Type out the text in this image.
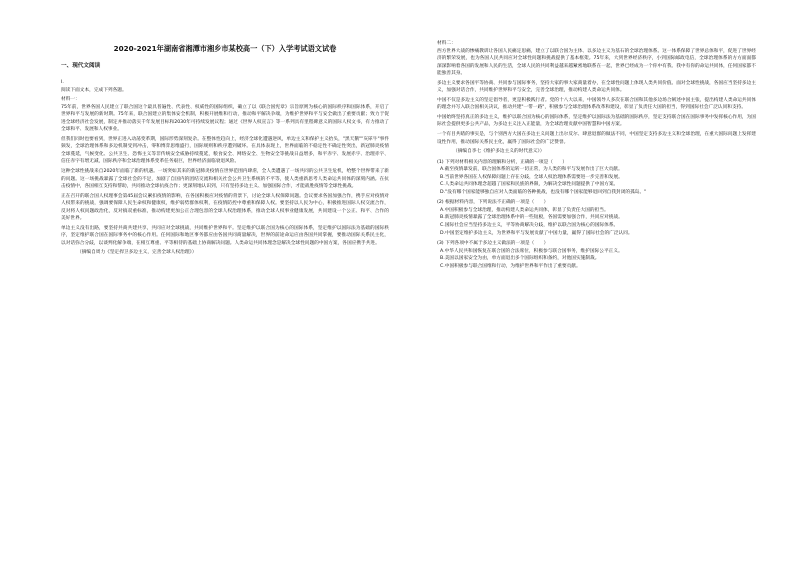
2020-2021年湖南省湘潭市湘乡市某校高一（下）入学考试语文试卷
一、现代文阅读

I.

阅读下面文本，完成下列各题。

材料一：

75年前，世界各国人民建立了联合国这个最具普遍性、代表性、权威性的国际组织，确立了以《联合国宪章》宗旨原则为核心的国际秩序和国际体系，开启了世界和平与发展的新时期。75年来，联合国建立的集体安全机制，积极开展维和行动，推动和平解决争端，为维护世界和平与安全做出了重要贡献；致力于促进全球经济社会发展，制定并推动落实千年发展目标和2030年可持续发展议程；通过《世界人权宣言》等一系列具有里程碑意义的国际人权文书，有力推动了全球和平、发展和人权事业。

但我们同时也要看到，世界正进入动荡变革期，国际形势深刻复杂。在整体性趋向上，经济全球化遭遇逆风，单边主义和保护主义抬头，"黑天鹅""灰犀牛"事件频发，全球治理体系和多边机制受到冲击，零和博弈思维盛行，国际规则和秩序遭到破坏。在具体表现上，世界面临的不稳定性不确定性突出，新冠肺炎疫情全球蔓延，气候变化、公共卫生、恐怖主义等非传统安全威胁持续蔓延，粮食安全、网络安全、生物安全等挑战日益增多，和平赤字、发展赤字、治理赤字、信任赤字有增无减，国际秩序和全球治理体系变革任务艰巨，世界经济面临衰退风险。

这种全球性挑战来自2020年面临了新的机遇。一场突如其来的新冠肺炎疫情在世界范围内肆虐，全人类遭遇了一场共同的公共卫生危机，给整个世界带来了新的问题。这一场挑战暴露了全球社会的不足，加剧了自国内的团结交流和相关社会公共卫生系统的不平等，使人类重新思考人类命运共同体的深刻内涵。在抗击疫情中，各国相互支持和帮助，共同推动全球抗疫合作；更深刻地认识到，只有坚持多边主义、加强国际合作，才能战胜疫情等全球性挑战。

正在召开的联合国人权理事会第45届会议紧扣疫情的影响，在各国积极应对疫情的背景下，讨论全球人权保障问题。会议要求各国加强合作，携手应对疫情对人权带来的挑战，强调要保障人民生命权和健康权，维护弱势群体权利，在疫情防控中尊重和保障人权。要坚持以人民为中心，积极推进国际人权交流合作，反对将人权问题政治化，反对搞双重标准，推动构建更加公正合理包容的全球人权治理体系，推动全球人权事业健康发展，共同建设一个公正、和平、合作的美好世界。

单边主义没有出路，要坚持共商共建共享，共同应对全球挑战，共同维护世界和平。坚定维护以联合国为核心的国际体系，坚定维护以国际法为基础的国际秩序，坚定维护联合国在国际事务中的核心作用。任何国际和地区事务都应由各国共同商量解决，世界的前途命运应由各国共同掌握，要推动国际关系民主化，以对话弥合分歧，以谈判化解争端，在相互尊重、平等相待的基础上协商解决问题。人类命运共同体理念是解决全球性问题的中国方案，各国应携手共进。

（摘编自周力《坚定捍卫多边主义，完善全球人权治理》）

材料二：

西方世界大战的惨痛教训让各国人民痛定思痛，建立了以联合国为主体、以多边主义为基石的全球治理体系。这一体系保障了世界总体和平，促进了世界经济的繁荣发展，也为各国人民共同应对全球性问题和挑战提供了基本框架。75年来，大到世界经济秩序，小到国际邮政电信，全球治理体系的方方面面都深深影响着各国的发展和人民的生活，全球人民的共同利益越来越紧密地联系在一起，世界已经成为一个你中有我、我中有你的命运共同体，任何国家都不能独善其身。

多边主义要求各国平等协商、共同参与国际事务，坚持大家的事大家商量着办，在全球性问题上体现人类共同价值。面对全球性挑战，各国应当坚持多边主义，加强对话合作，共同维护世界和平与安全，完善全球治理，推动构建人类命运共同体。

中国不仅是多边主义的坚定倡导者，更是积极践行者。党的十八大以来，中国领导人多次在联合国和其他多边场合阐述中国主张，提出构建人类命运共同体的理念并写入联合国相关决议，推动共建"一带一路"，积极参与全球治理体系改革和建设，彰显了负责任大国的担当，得到国际社会广泛认同和支持。

中国始终坚持真正的多边主义，维护以联合国为核心的国际体系，坚定维护以国际法为基础的国际秩序，坚定支持联合国在国际事务中发挥核心作用，为国际社会提供更多公共产品，为多边主义注入正能量，为全球治理贡献中国智慧和中国方案。

一个有目共睹的事实是，与个别西方大国在多边主义问题上出尔反尔、肆意退群的做法不同，中国坚定支持多边主义和全球治理，在重大国际问题上发挥建设性作用，推动国际关系民主化，赢得了国际社会的广泛赞誉。

（摘编自李七《维护多边主义的时代意义》）

(1) 下列对材料相关内容的理解和分析，正确的一项是（　　）

A.截至疫情暴发前，联合国体系的运转一切正常，为人类的和平与发展作出了巨大贡献。

B.当前世界各国在人权保障问题上存在分歧，全球人权治理体系需要进一步完善和发展。

C.人类命运共同体理念超越了国家和民族的界限，为解决全球性问题提供了中国方案。

D."没有哪个国家能够独自应对人类面临的各种挑战，也没有哪个国家能够退回到自我封闭的孤岛。"

(2) 根据材料内容，下列说法不正确的一项是（　　）

A.中国积极参与全球治理，推动构建人类命运共同体，彰显了负责任大国的担当。

B.新冠肺炎疫情暴露了全球治理体系中的一些短板，各国需要加强合作，共同应对挑战。

C.国际社会应当坚持多边主义，平等协商解决分歧，维护以联合国为核心的国际体系。

D.中国坚定维护多边主义，为世界和平与发展贡献了中国力量，赢得了国际社会的广泛认同。

(3) 下列各项中不属于多边主义做法的一项是（　　）

A.中华人民共和国恢复在联合国的合法席位，积极参与联合国事务，维护国际公平正义。

B.美国以国家安全为由，单方面退出多个国际组织和条约，对他国实施制裁。

C.中国积极参与联合国维和行动，为维护世界和平作出了重要贡献。
